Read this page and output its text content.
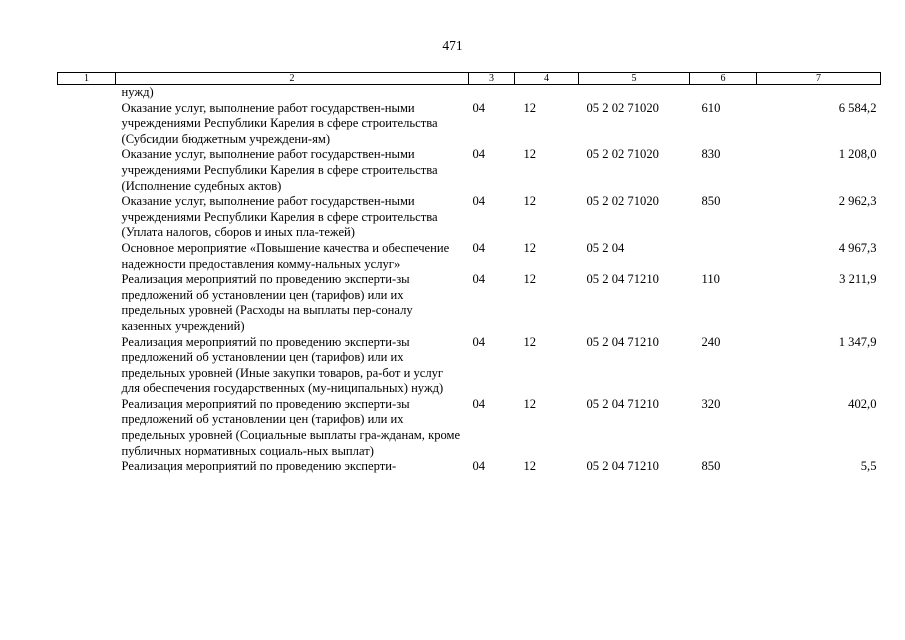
471
1	2	3	4	5	6	7
	нужд)					
	Оказание услуг, выполнение работ государствен-ными учреждениями Республики Карелия в сфере строительства (Субсидии бюджетным учреждени-ям)	04	12	05 2 02 71020	610	6 584,2
	Оказание услуг, выполнение работ государствен-ными учреждениями Республики Карелия в сфере строительства (Исполнение судебных актов)	04	12	05 2 02 71020	830	1 208,0
	Оказание услуг, выполнение работ государствен-ными учреждениями Республики Карелия в сфере строительства (Уплата налогов, сборов и иных пла-тежей)	04	12	05 2 02 71020	850	2 962,3
	Основное мероприятие «Повышение качества и обеспечение надежности предоставления комму-нальных услуг»	04	12	05 2 04		4 967,3
	Реализация мероприятий по проведению эксперти-зы предложений об установлении цен (тарифов) или их предельных уровней (Расходы на выплаты пер-соналу казенных учреждений)	04	12	05 2 04 71210	110	3 211,9
	Реализация мероприятий по проведению эксперти-зы предложений об установлении цен (тарифов) или их предельных уровней (Иные закупки товаров, ра-бот и услуг для обеспечения государственных (му-ниципальных) нужд)	04	12	05 2 04 71210	240	1 347,9
	Реализация мероприятий по проведению эксперти-зы предложений об установлении цен (тарифов) или их предельных уровней (Социальные выплаты гра-жданам, кроме публичных нормативных социаль-ных выплат)	04	12	05 2 04 71210	320	402,0
	Реализация мероприятий по проведению эксперти-	04	12	05 2 04 71210	850	5,5
